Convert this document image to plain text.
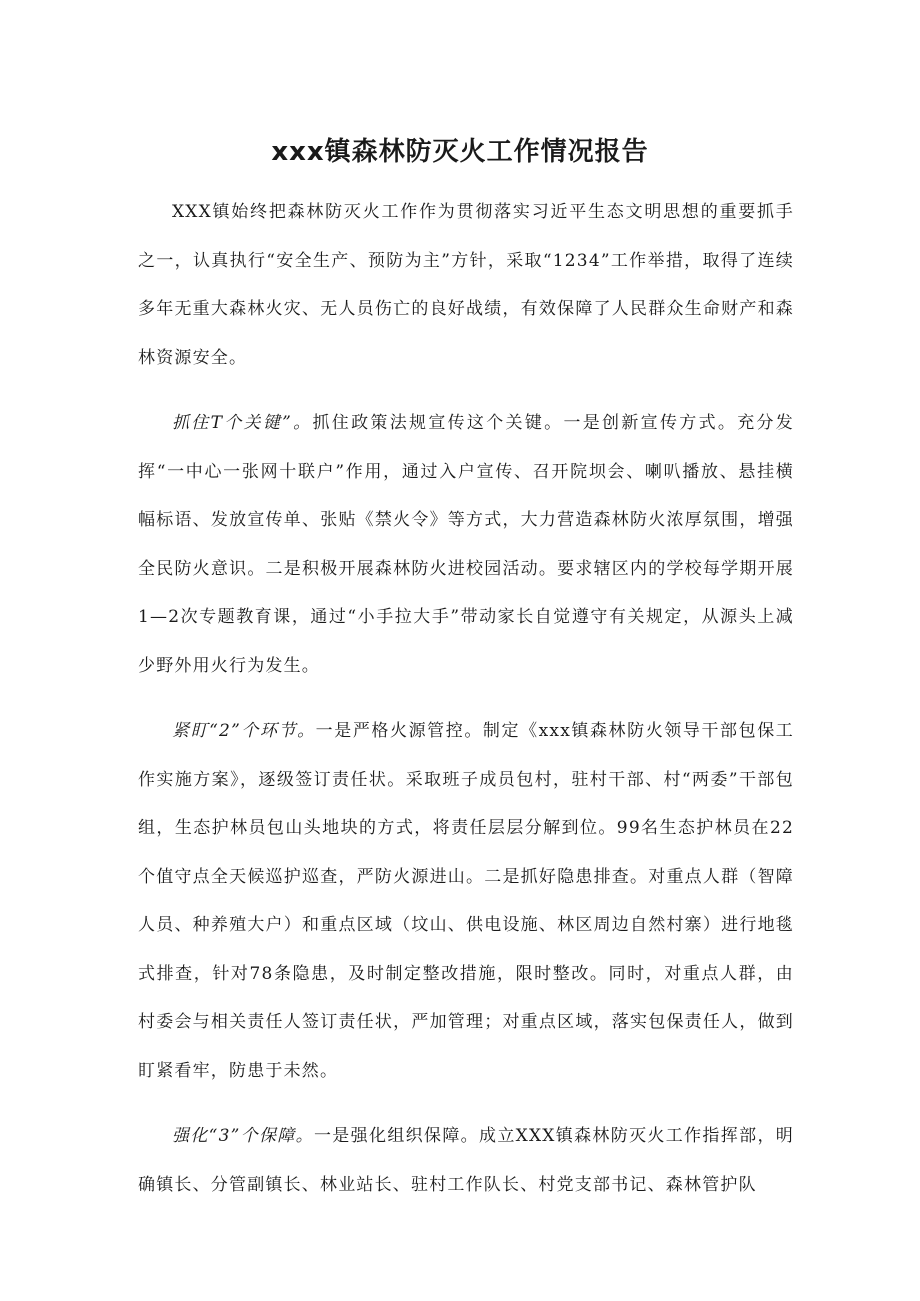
xxx镇森林防灭火工作情况报告

XXX镇始终把森林防灭火工作作为贯彻落实习近平生态文明思想的重要抓手之一，认真执行“安全生产、预防为主”方针，采取“1234”工作举措，取得了连续多年无重大森林火灾、无人员伤亡的良好战绩，有效保障了人民群众生命财产和森林资源安全。

抓住T个关键”。抓住政策法规宣传这个关键。一是创新宣传方式。充分发挥“一中心一张网十联户”作用，通过入户宣传、召开院坝会、喇叭播放、悬挂横幅标语、发放宣传单、张贴《禁火令》等方式，大力营造森林防火浓厚氛围，增强全民防火意识。二是积极开展森林防火进校园活动。要求辖区内的学校每学期开展1—2次专题教育课，通过“小手拉大手”带动家长自觉遵守有关规定，从源头上减少野外用火行为发生。

紧盯“2”个环节。一是严格火源管控。制定《xxx镇森林防火领导干部包保工作实施方案》，逐级签订责任状。采取班子成员包村，驻村干部、村“两委”干部包组，生态护林员包山头地块的方式，将责任层层分解到位。99名生态护林员在22个值守点全天候巡护巡查，严防火源进山。二是抓好隐患排查。对重点人群（智障人员、种养殖大户）和重点区域（坟山、供电设施、林区周边自然村寨）进行地毯式排查，针对78条隐患，及时制定整改措施，限时整改。同时，对重点人群，由村委会与相关责任人签订责任状，严加管理；对重点区域，落实包保责任人，做到盯紧看牢，防患于未然。

强化“3”个保障。一是强化组织保障。成立XXX镇森林防灭火工作指挥部，明确镇长、分管副镇长、林业站长、驻村工作队长、村党支部书记、森林管护队
